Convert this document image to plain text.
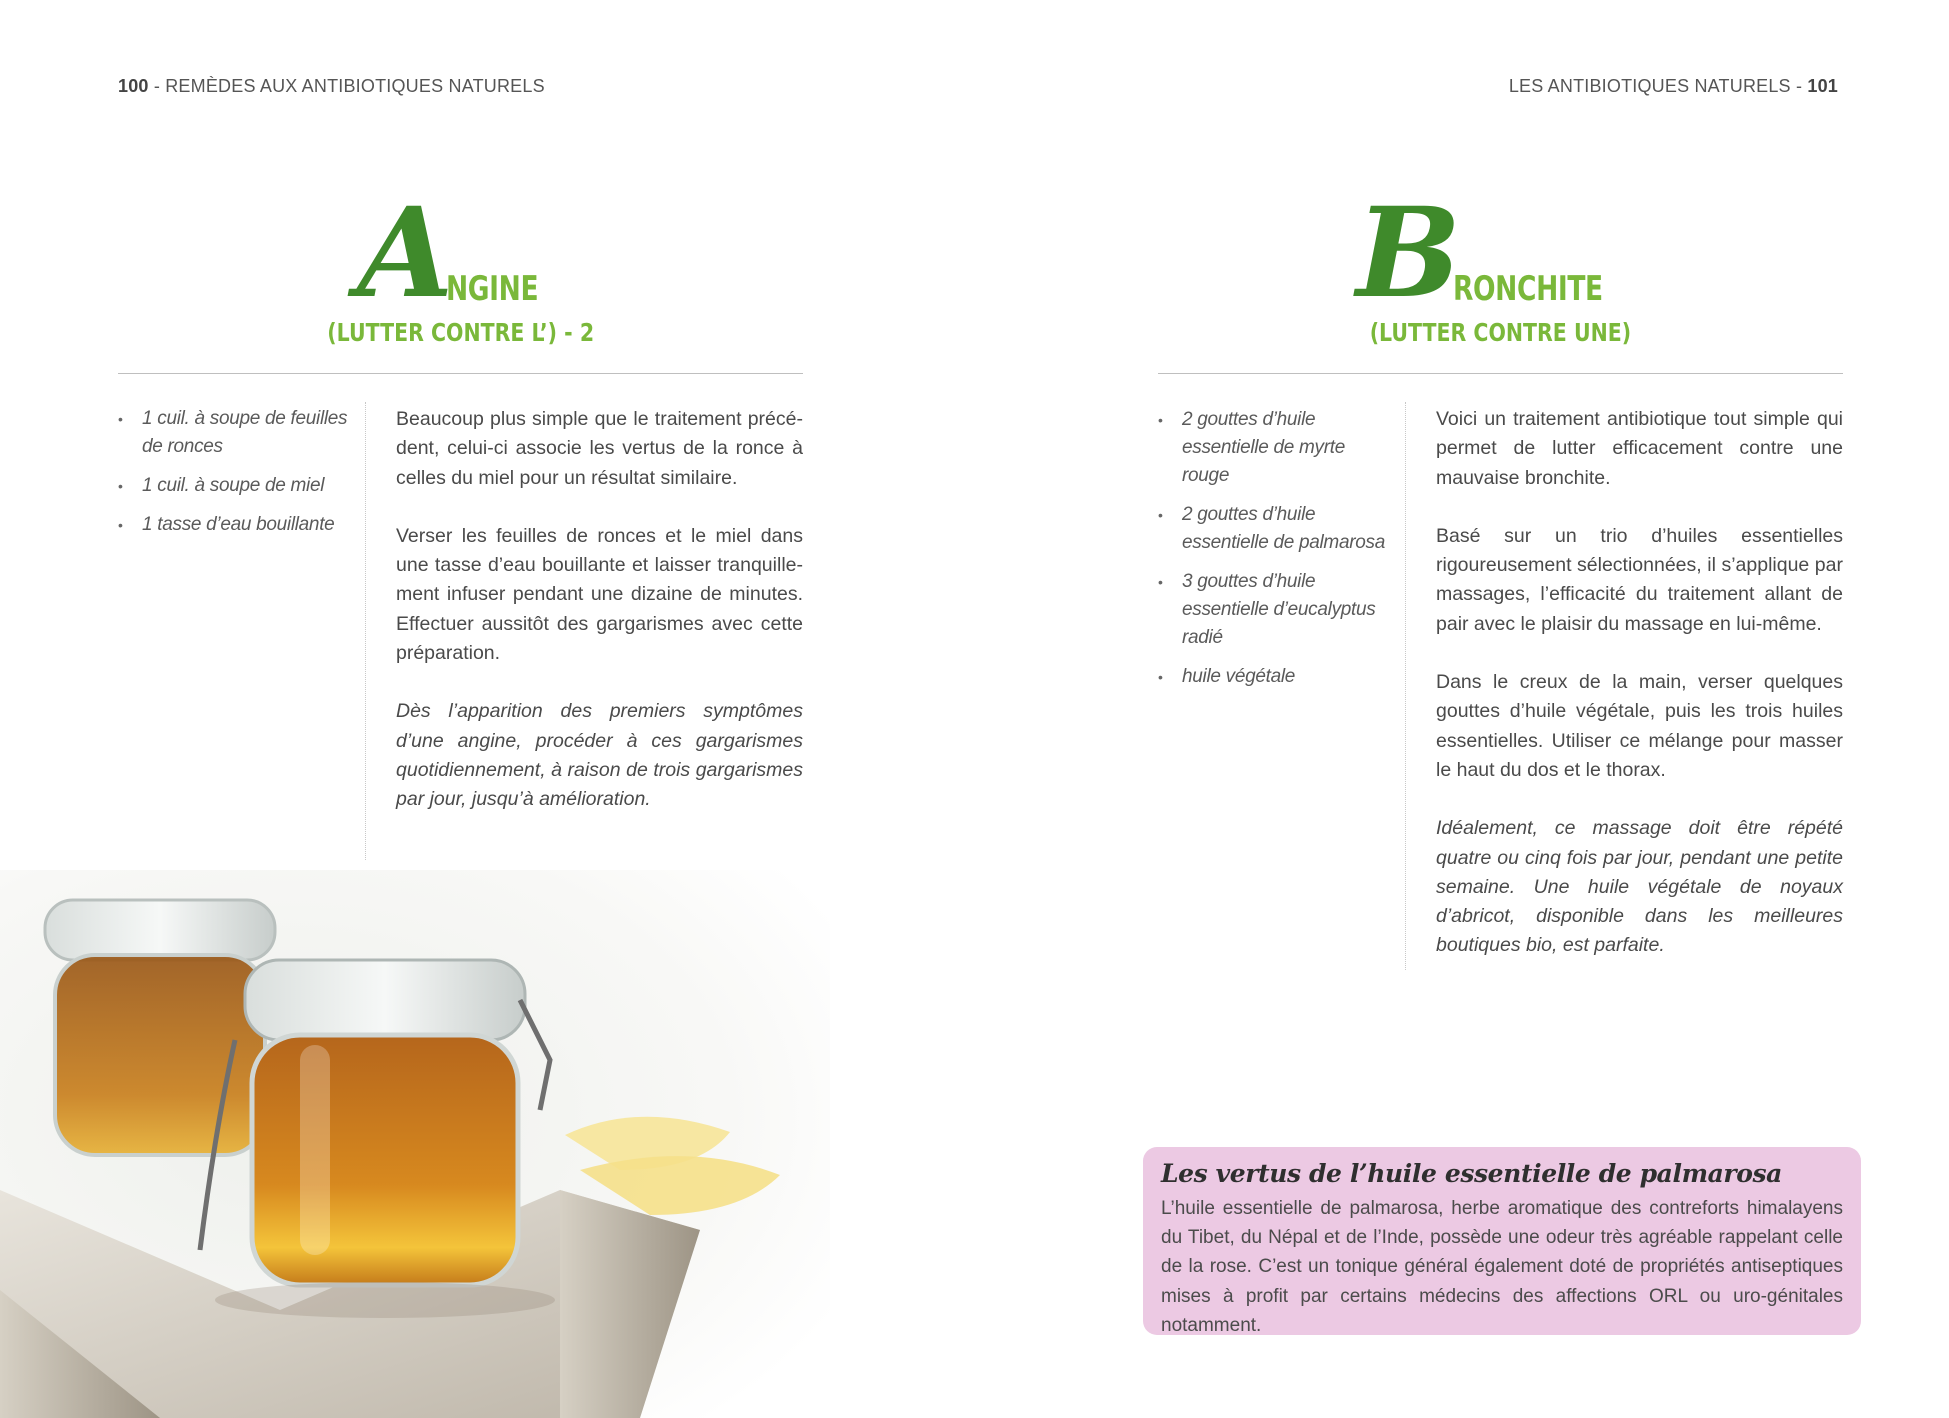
100 - REMÈDES AUX ANTIBIOTIQUES NATURELS	LES ANTIBIOTIQUES NATURELS - 101
A
NGINE
(LUTTER CONTRE L’) - 2
B
RONCHITE
(LUTTER CONTRE UNE)
• 1 cuil. à soupe de feuilles de ronces
• 1 cuil. à soupe de miel
• 1 tasse d’eau bouillante

Beaucoup plus simple que le traitement précédent, celui-ci associe les vertus de la ronce à celles du miel pour un résultat similaire.

Verser les feuilles de ronces et le miel dans une tasse d’eau bouillante et laisser tranquillement infuser pendant une dizaine de minutes. Effectuer aussitôt des gargarismes avec cette préparation.

Dès l’apparition des premiers symptômes d’une angine, procéder à ces gargarismes quotidiennement, à raison de trois gargarismes par jour, jusqu’à amélioration.

• 2 gouttes d’huile essentielle de myrte rouge
• 2 gouttes d’huile essentielle de palmarosa
• 3 gouttes d’huile essentielle d’eucalyptus radié
• huile végétale

Voici un traitement antibiotique tout simple qui permet de lutter efficacement contre une mauvaise bronchite.

Basé sur un trio d’huiles essentielles rigoureusement sélectionnées, il s’applique par massages, l’efficacité du traitement allant de pair avec le plaisir du massage en lui-même.

Dans le creux de la main, verser quelques gouttes d’huile végétale, puis les trois huiles essentielles. Utiliser ce mélange pour masser le haut du dos et le thorax.

Idéalement, ce massage doit être répété quatre ou cinq fois par jour, pendant une petite semaine. Une huile végétale de noyaux d’abricot, disponible dans les meilleures boutiques bio, est parfaite.

Les vertus de l’huile essentielle de palmarosa
L’huile essentielle de palmarosa, herbe aromatique des contreforts himalayens du Tibet, du Népal et de l’Inde, possède une odeur très agréable rappelant celle de la rose. C’est un tonique général également doté de propriétés antiseptiques mises à profit par certains médecins des affections ORL ou uro-génitales notamment.
